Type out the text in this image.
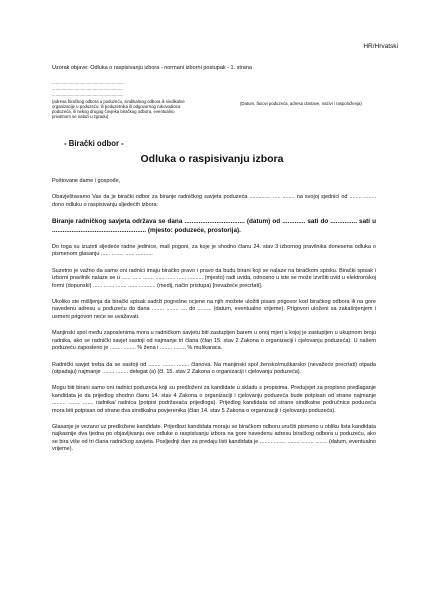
HR/Hrvatski
Uzorak objave: Odluka o raspisivanju izbora - normani izborni postupak - 1. strana
............................................................
............................................................
............................................................
(adresa biračkog odbora u poduzeću, sindikalnog odbora ili sindikalne organizacije u poduzeću, ili poduzetnika ili odgovornog rukovodioca poduzeća, ili nekog drugog čovjeka biračkog odbora, eventualno privatnom se nalazi u zgradu)
(Datum, faxovi poduzeća, adresa dostave, nazivi i raspoloženja)
- Birački odbor -
Odluka o raspisivanju izbora

Poštovane dame i gospođe,

Obavještavamo Vas da je birački odbor za biranje radničkog savjeta poduzeća .............. ..... ........ na svojoj sjednici od ........ ........ dono odluku o raspisivanju sljedećih izbora:

Biranje radničkog savjeta održava se dana .................................. (datum) od ............. sati do ............... sati u ..................................................... (mjesto: poduzeće, prostorija).

Do toga su izuzeti sljedeće radne jedinice, mali pogoni, za koje je shodno članu 24. stav 3 izbornog pravilnika donesena odluka o pismenom glasanju ...... ........ ...... ...........

Suzetno je važno da samo oni radnici imaju biračko pravo i pravo da budu birani koji se nalaze na biračkom spisku. Birački spisak i izborni pravilnik nalaze se u ...... ...... ....... ...... ...... ...... .......... (mjesto) radi uvida, odnosno u iste se može izvršiti uvid u elektronskoj formi (dopunski) ...... ....... ....... ...... ........... (medij, način pristupa) [nevažeće precrtati].

Ukoliko ste mišljenja da birački spisak sadrži pogrešne ocjene na njih možete uložiti pisani prigovor kod biračkog odbora ili na gore navedenu adresu u poduzeću do dana ........ ........ .... do ......... (datum, eventualno vrijeme). Prigovori uloženi sa zakašnjenjem i usmeni prigovori neće se uvažavati.

Manjinski spol među zaposlenima mora u radničkom savjetu biti zastupljen barem u onoj mjeri u kojoj je zastupljen u ukupnom broju radnika, ako se radnički savjet sastoji od najmanje tri člana (član 15. stav 2 Zakona o organizaciji i cjelovanju poduzeća). U našem poduzeću zaposleno je ........ ........ % žena i ........ ........ % muškaraca.

Radnički savjet treba da se sastoji od ........ ........ ........ članova. Na manjinski spol žensko/muškarsko (nevažeće precrtati) otpada (otpadaju) najmanje ........ ........ delegat (a) (čl. 15. stav 2 Zakona o organizaciji i cjelovanju poduzeća).

Mogu biti birani samo oni radnici poduzeća koji su predloženi za kandidate u skladu s propisima. Predujvjet za propisno predlaganje kandidata je da prijedlog shodno članu 14. stav 4 Zakona o organizaciji i cjelovanju poduzeća bude potpisan od strane najmanje ......... ........ ....... radnika/ radnica (potpisi podržavaća prijedloga). Prijedlog kandidata od strane sindikalne područnice poduzeća mora biti potpisan od strane dva sindikalna povjerenika (član 14. stav 5 Zakona o organizaciji i cjelovanju poduzeća).

Glasanje je vezano uz predložene kandidate. Prijedlozi kandidata moraju se biračkom odboru uručiti pismeno u obliku lista kandidata najkasnije dva tjedna po objavljivanju ove odluke o raspisivanju izbora na gore navedenu adresu biračkog odbora u poduzeću, ako se bira više od tri člana radničkog savjeta. Posljednji dan za predaju listi kandidata je ........ ........ ........ ........ ........ (datum, eventualno vrijeme).
